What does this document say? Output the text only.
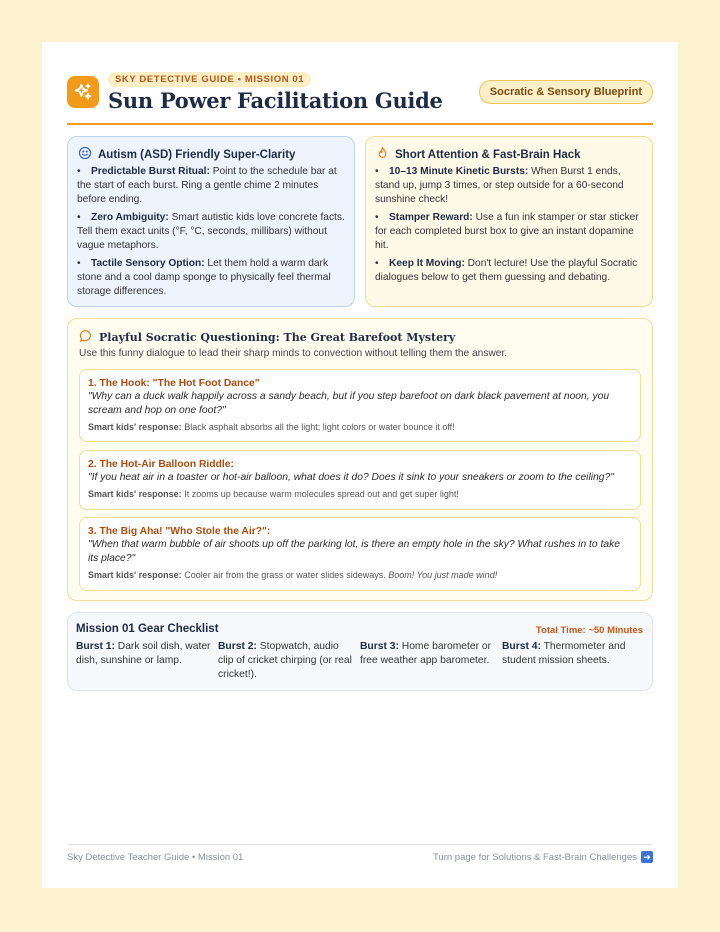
SKY DETECTIVE GUIDE • MISSION 01
Sun Power Facilitation Guide	Socratic & Sensory Blueprint
Autism (ASD) Friendly Super-Clarity
• Predictable Burst Ritual: Point to the schedule bar at the start of each burst. Ring a gentle chime 2 minutes before ending.
• Zero Ambiguity: Smart autistic kids love concrete facts. Tell them exact units (°F, °C, seconds, millibars) without vague metaphors.
• Tactile Sensory Option: Let them hold a warm dark stone and a cool damp sponge to physically feel thermal storage differences.
Short Attention & Fast-Brain Hack
• 10–13 Minute Kinetic Bursts: When Burst 1 ends, stand up, jump 3 times, or step outside for a 60-second sunshine check!
• Stamper Reward: Use a fun ink stamper or star sticker for each completed burst box to give an instant dopamine hit.
• Keep It Moving: Don't lecture! Use the playful Socratic dialogues below to get them guessing and debating.
Playful Socratic Questioning: The Great Barefoot Mystery
Use this funny dialogue to lead their sharp minds to convection without telling them the answer.
1. The Hook: "The Hot Foot Dance"
"Why can a duck walk happily across a sandy beach, but if you step barefoot on dark black pavement at noon, you scream and hop on one foot?"
Smart kids' response: Black asphalt absorbs all the light; light colors or water bounce it off!
2. The Hot-Air Balloon Riddle:
"If you heat air in a toaster or hot-air balloon, what does it do? Does it sink to your sneakers or zoom to the ceiling?"
Smart kids' response: It zooms up because warm molecules spread out and get super light!
3. The Big Aha! "Who Stole the Air?":
"When that warm bubble of air shoots up off the parking lot, is there an empty hole in the sky? What rushes in to take its place?"
Smart kids' response: Cooler air from the grass or water slides sideways. Boom! You just made wind!
Mission 01 Gear Checklist	Total Time: ~50 Minutes
Burst 1: Dark soil dish, water dish, sunshine or lamp.
Burst 2: Stopwatch, audio clip of cricket chirping (or real cricket!).
Burst 3: Home barometer or free weather app barometer.
Burst 4: Thermometer and student mission sheets.
Sky Detective Teacher Guide • Mission 01	Turn page for Solutions & Fast-Brain Challenges ➜
